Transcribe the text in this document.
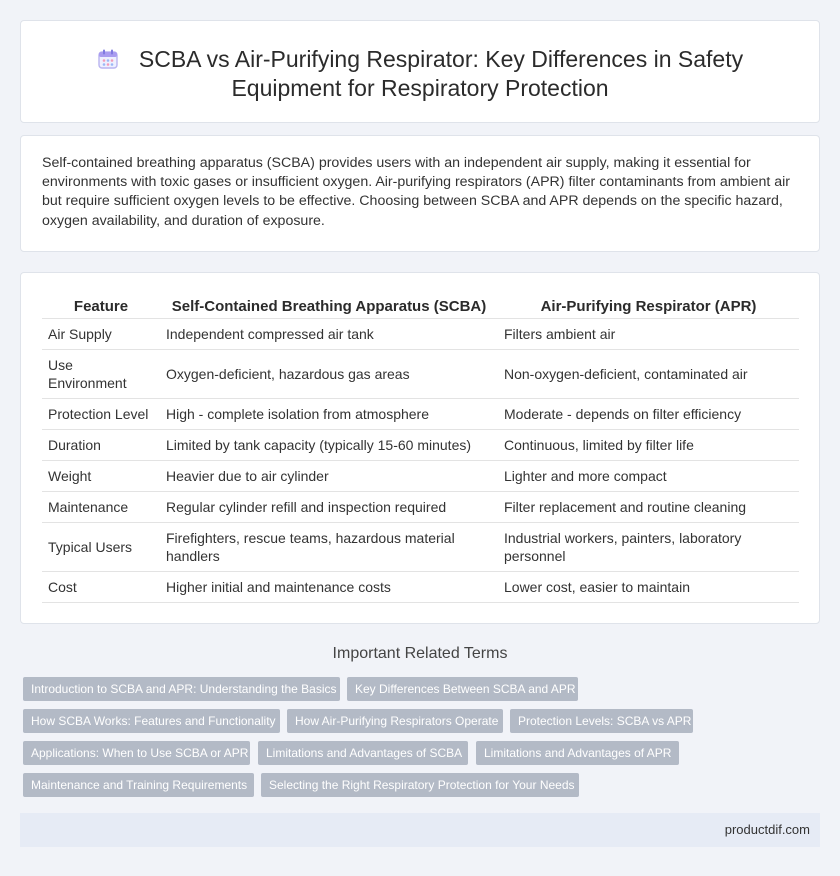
SCBA vs Air-Purifying Respirator: Key Differences in Safety
Equipment for Respiratory Protection

Self-contained breathing apparatus (SCBA) provides users with an independent air supply, making it essential for environments with toxic gases or insufficient oxygen. Air-purifying respirators (APR) filter contaminants from ambient air but require sufficient oxygen levels to be effective. Choosing between SCBA and APR depends on the specific hazard, oxygen availability, and duration of exposure.

Feature	Self-Contained Breathing Apparatus (SCBA)	Air-Purifying Respirator (APR)
Air Supply	Independent compressed air tank	Filters ambient air
Use Environment	Oxygen-deficient, hazardous gas areas	Non-oxygen-deficient, contaminated air
Protection Level	High - complete isolation from atmosphere	Moderate - depends on filter efficiency
Duration	Limited by tank capacity (typically 15-60 minutes)	Continuous, limited by filter life
Weight	Heavier due to air cylinder	Lighter and more compact
Maintenance	Regular cylinder refill and inspection required	Filter replacement and routine cleaning
Typical Users	Firefighters, rescue teams, hazardous material handlers	Industrial workers, painters, laboratory personnel
Cost	Higher initial and maintenance costs	Lower cost, easier to maintain
Important Related Terms
Introduction to SCBA and APR: Understanding the Basics	Key Differences Between SCBA and APR
How SCBA Works: Features and Functionality	How Air-Purifying Respirators Operate	Protection Levels: SCBA vs APR
Applications: When to Use SCBA or APR	Limitations and Advantages of SCBA	Limitations and Advantages of APR
Maintenance and Training Requirements	Selecting the Right Respiratory Protection for Your Needs
productdif.com
